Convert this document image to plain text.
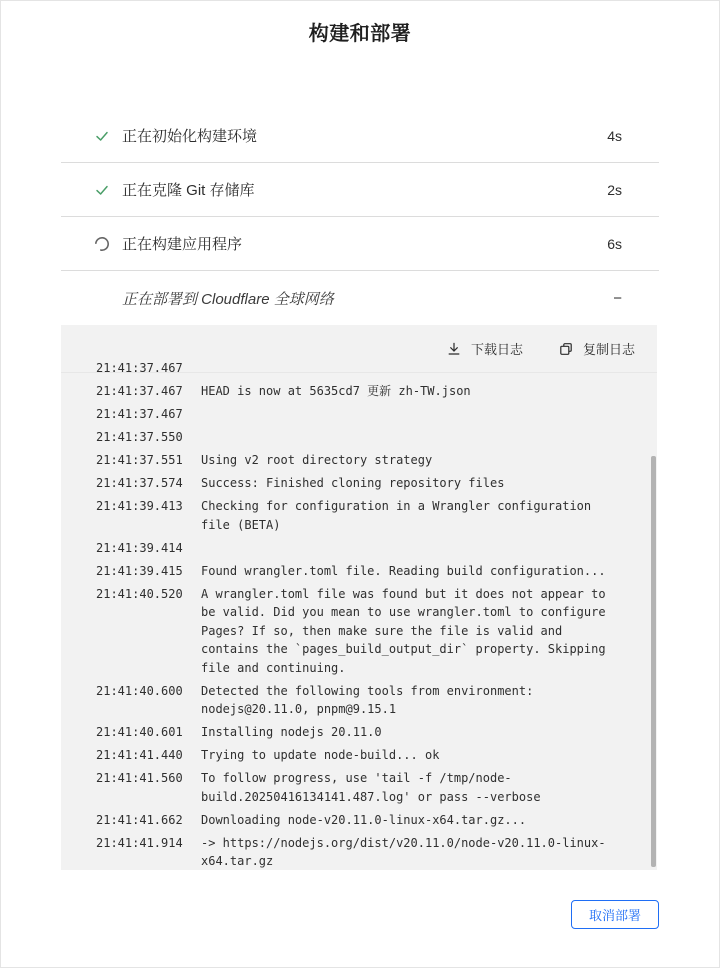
构建和部署
正在初始化构建环境	4s
正在克隆 Git 存储库	2s
正在构建应用程序	6s
正在部署到 Cloudflare 全球网络	−
下载日志	复制日志
21:41:37.467
21:41:37.467	HEAD is now at 5635cd7 更新 zh-TW.json
21:41:37.467
21:41:37.550
21:41:37.551	Using v2 root directory strategy
21:41:37.574	Success: Finished cloning repository files
21:41:39.413	Checking for configuration in a Wrangler configuration file (BETA)
21:41:39.414
21:41:39.415	Found wrangler.toml file. Reading build configuration...
21:41:40.520	A wrangler.toml file was found but it does not appear to be valid. Did you mean to use wrangler.toml to configure Pages? If so, then make sure the file is valid and contains the `pages_build_output_dir` property. Skipping file and continuing.
21:41:40.600	Detected the following tools from environment: nodejs@20.11.0, pnpm@9.15.1
21:41:40.601	Installing nodejs 20.11.0
21:41:41.440	Trying to update node-build... ok
21:41:41.560	To follow progress, use 'tail -f /tmp/node-build.20250416134141.487.log' or pass --verbose
21:41:41.662	Downloading node-v20.11.0-linux-x64.tar.gz...
21:41:41.914	-> https://nodejs.org/dist/v20.11.0/node-v20.11.0-linux-x64.tar.gz
取消部署
